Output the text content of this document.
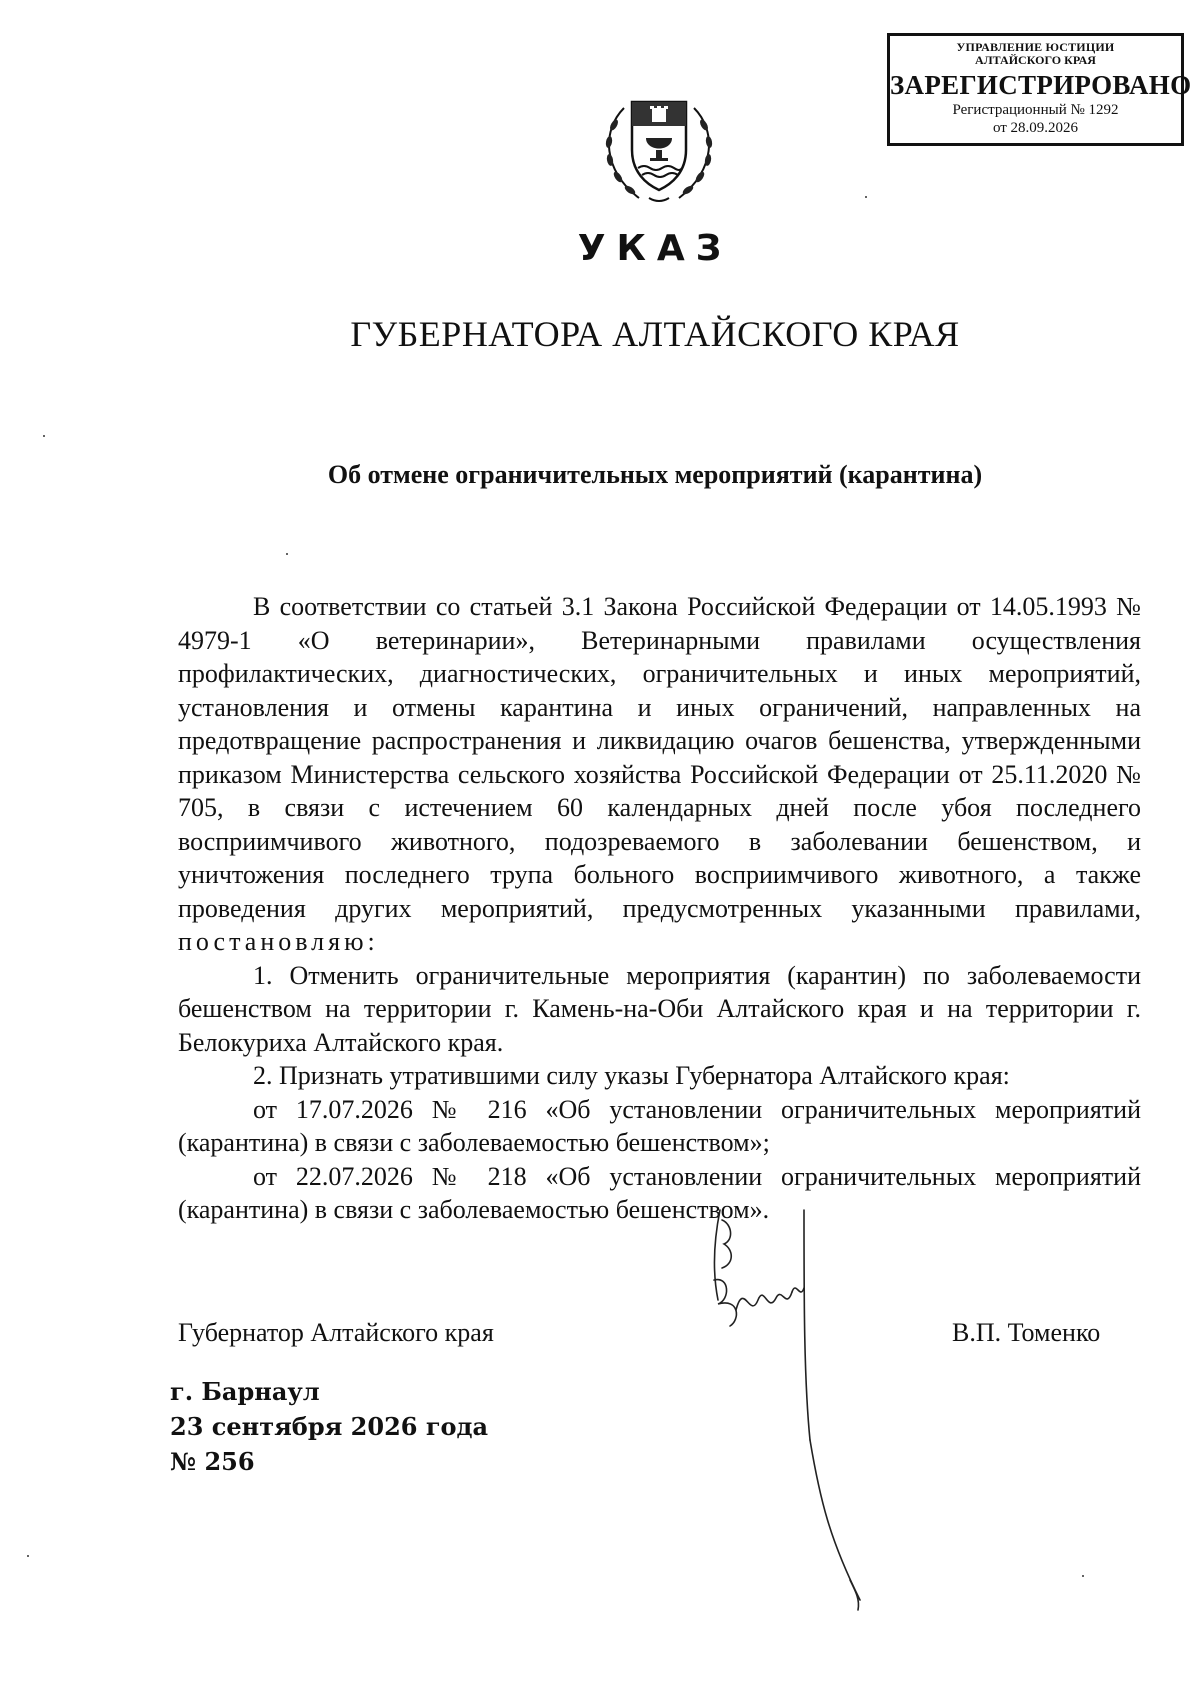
УПРАВЛЕНИЕ ЮСТИЦИИ
АЛТАЙСКОГО КРАЯ
ЗАРЕГИСТРИРОВАНО
Регистрационный № 1292
от 28.09.2026
УКАЗ
ГУБЕРНАТОРА АЛТАЙСКОГО КРАЯ
Об отмене ограничительных мероприятий (карантина)

В соответствии со статьей 3.1 Закона Российской Федерации от 14.05.1993 № 4979-1 «О ветеринарии», Ветеринарными правилами осуществления профилактических, диагностических, ограничительных и иных мероприятий, установления и отмены карантина и иных ограничений, направленных на предотвращение распространения и ликвидацию очагов бешенства, утвержденными приказом Министерства сельского хозяйства Российской Федерации от 25.11.2020 № 705, в связи с истечением 60 календарных дней после убоя последнего восприимчивого животного, подозреваемого в заболевании бешенством, и уничтожения последнего трупа больного восприимчивого животного, а также проведения других мероприятий, предусмотренных указанными правилами, постановляю:

1. Отменить ограничительные мероприятия (карантин) по заболеваемости бешенством на территории г. Камень-на-Оби Алтайского края и на территории г. Белокуриха Алтайского края.

2. Признать утратившими силу указы Губернатора Алтайского края:

от 17.07.2026 № 216 «Об установлении ограничительных мероприятий (карантина) в связи с заболеваемостью бешенством»;

от 22.07.2026 № 218 «Об установлении ограничительных мероприятий (карантина) в связи с заболеваемостью бешенством».

Губернатор Алтайского края	В.П. Томенко
г. Барнаул
23 сентября 2026 года
№ 256
